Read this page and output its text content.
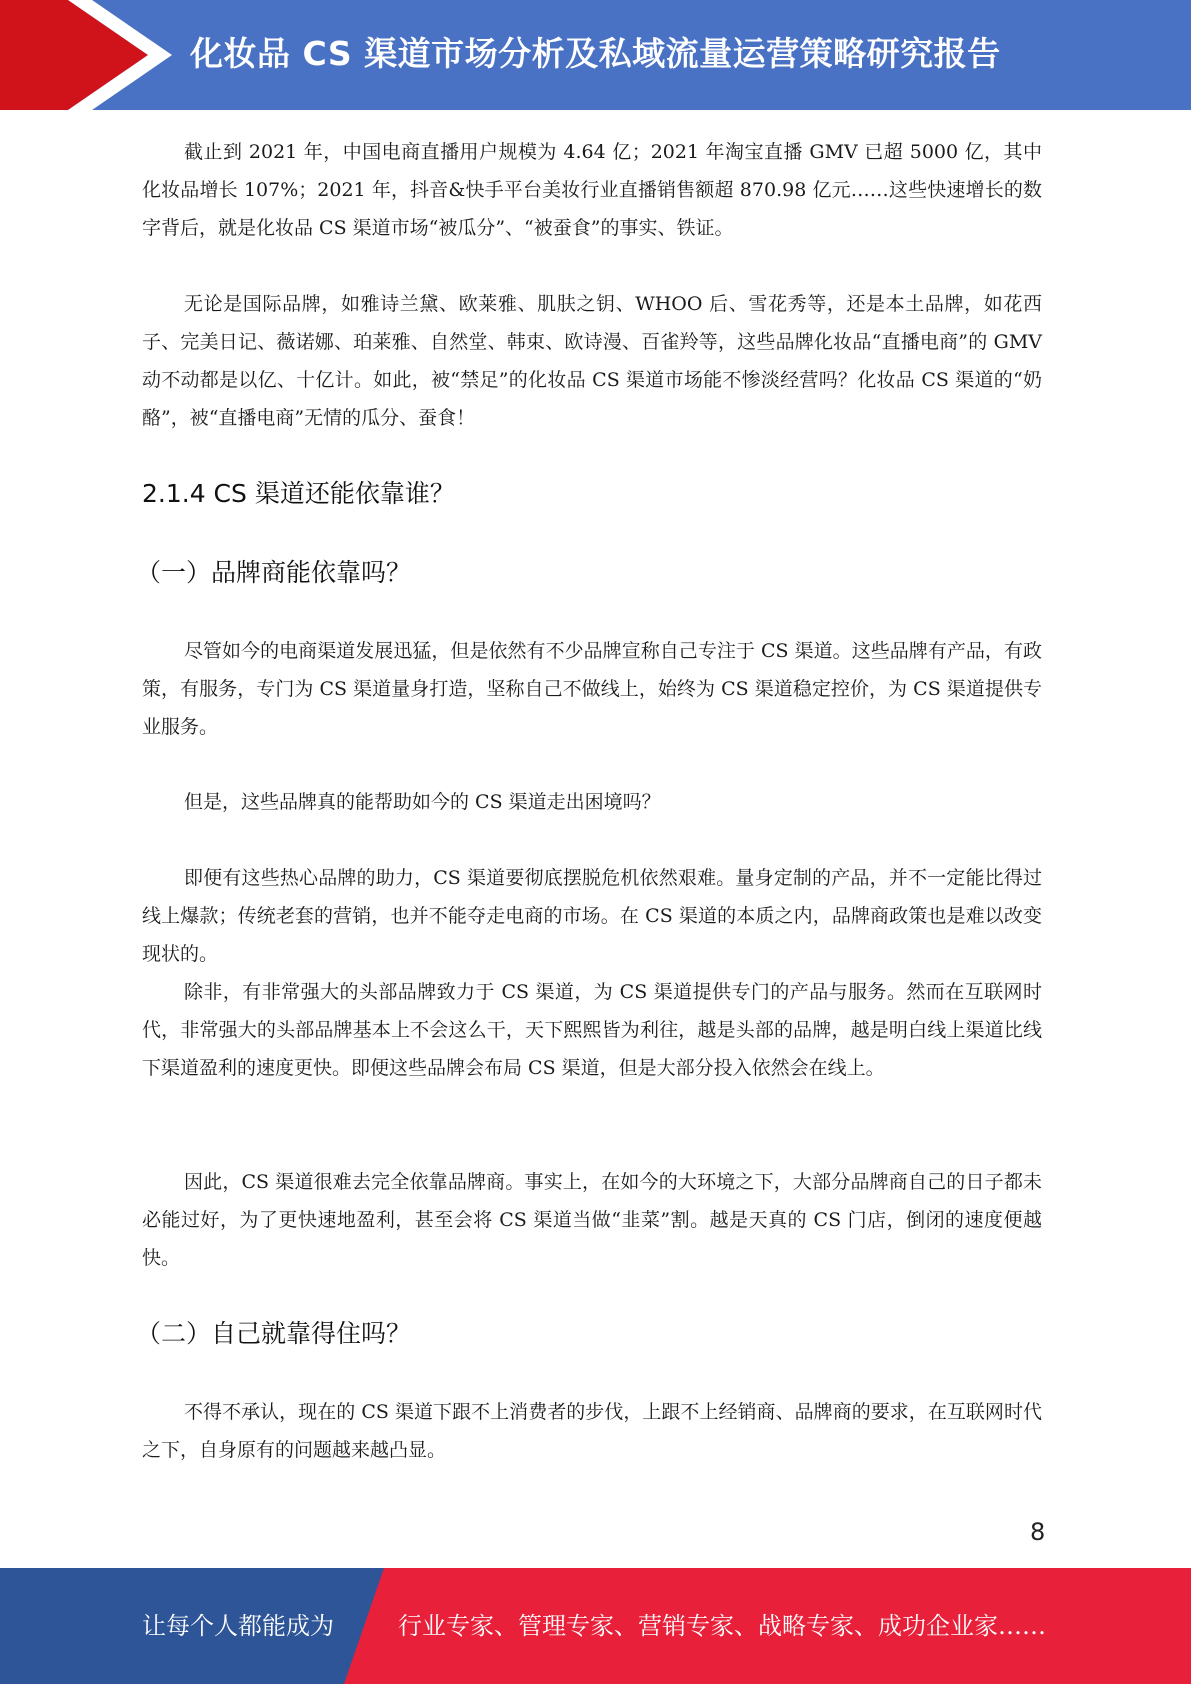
化妆品 CS 渠道市场分析及私域流量运营策略研究报告

截止到 2021 年，中国电商直播用户规模为 4.64 亿；2021 年淘宝直播 GMV 已超 5000 亿，其中化妆品增长 107%；2021 年，抖音&快手平台美妆行业直播销售额超 870.98 亿元……这些快速增长的数字背后，就是化妆品 CS 渠道市场“被瓜分”、“被蚕食”的事实、铁证。

无论是国际品牌，如雅诗兰黛、欧莱雅、肌肤之钥、WHOO 后、雪花秀等，还是本土品牌，如花西子、完美日记、薇诺娜、珀莱雅、自然堂、韩束、欧诗漫、百雀羚等，这些品牌化妆品“直播电商”的 GMV 动不动都是以亿、十亿计。如此，被“禁足”的化妆品 CS 渠道市场能不惨淡经营吗？化妆品 CS 渠道的“奶酪”，被“直播电商”无情的瓜分、蚕食！

2.1.4 CS 渠道还能依靠谁？
（一）品牌商能依靠吗？

尽管如今的电商渠道发展迅猛，但是依然有不少品牌宣称自己专注于 CS 渠道。这些品牌有产品，有政策，有服务，专门为 CS 渠道量身打造，坚称自己不做线上，始终为 CS 渠道稳定控价，为 CS 渠道提供专业服务。

但是，这些品牌真的能帮助如今的 CS 渠道走出困境吗？

即便有这些热心品牌的助力，CS 渠道要彻底摆脱危机依然艰难。量身定制的产品，并不一定能比得过线上爆款；传统老套的营销，也并不能夺走电商的市场。在 CS 渠道的本质之内，品牌商政策也是难以改变现状的。

除非，有非常强大的头部品牌致力于 CS 渠道，为 CS 渠道提供专门的产品与服务。然而在互联网时代，非常强大的头部品牌基本上不会这么干，天下熙熙皆为利往，越是头部的品牌，越是明白线上渠道比线下渠道盈利的速度更快。即便这些品牌会布局 CS 渠道，但是大部分投入依然会在线上。

因此，CS 渠道很难去完全依靠品牌商。事实上，在如今的大环境之下，大部分品牌商自己的日子都未必能过好，为了更快速地盈利，甚至会将 CS 渠道当做“韭菜”割。越是天真的 CS 门店，倒闭的速度便越快。

（二）自己就靠得住吗？

不得不承认，现在的 CS 渠道下跟不上消费者的步伐，上跟不上经销商、品牌商的要求，在互联网时代之下，自身原有的问题越来越凸显。

8
让每个人都能成为	行业专家、管理专家、营销专家、战略专家、成功企业家……
